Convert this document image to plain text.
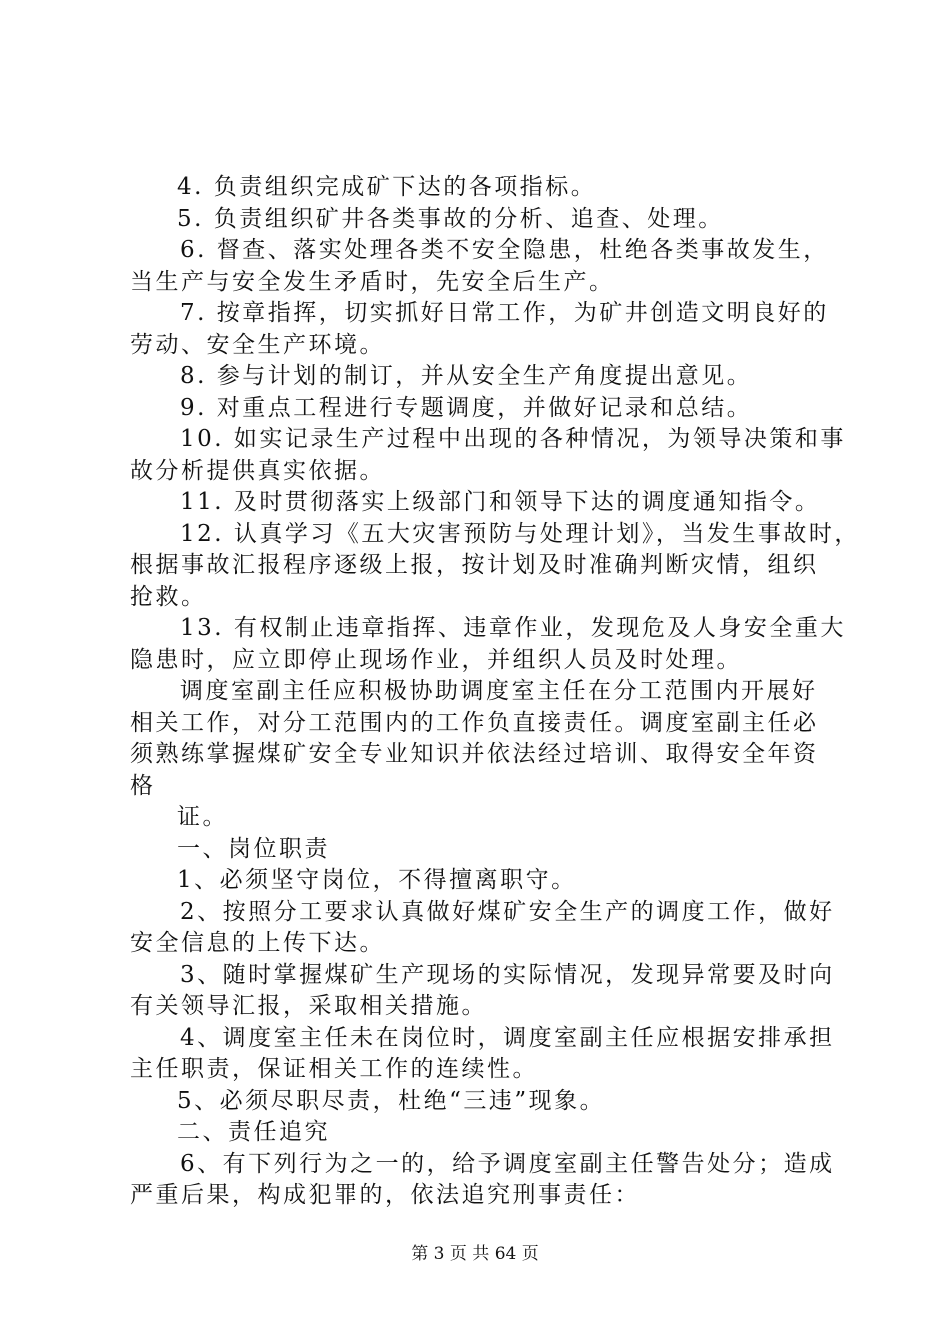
4. 负责组织完成矿下达的各项指标。
5. 负责组织矿井各类事故的分析、追查、处理。
6. 督查、落实处理各类不安全隐患，杜绝各类事故发生，
当生产与安全发生矛盾时，先安全后生产。
7. 按章指挥，切实抓好日常工作，为矿井创造文明良好的
劳动、安全生产环境。
8. 参与计划的制订，并从安全生产角度提出意见。
9. 对重点工程进行专题调度，并做好记录和总结。
10. 如实记录生产过程中出现的各种情况，为领导决策和事
故分析提供真实依据。
11. 及时贯彻落实上级部门和领导下达的调度通知指令。
12. 认真学习《五大灾害预防与处理计划》，当发生事故时，
根据事故汇报程序逐级上报，按计划及时准确判断灾情，组织
抢救。
13. 有权制止违章指挥、违章作业，发现危及人身安全重大
隐患时，应立即停止现场作业，并组织人员及时处理。
调度室副主任应积极协助调度室主任在分工范围内开展好
相关工作，对分工范围内的工作负直接责任。调度室副主任必
须熟练掌握煤矿安全专业知识并依法经过培训、取得安全年资
格
证。
一、岗位职责
1、必须坚守岗位，不得擅离职守。
2、按照分工要求认真做好煤矿安全生产的调度工作，做好
安全信息的上传下达。
3、随时掌握煤矿生产现场的实际情况，发现异常要及时向
有关领导汇报，采取相关措施。
4、调度室主任未在岗位时，调度室副主任应根据安排承担
主任职责，保证相关工作的连续性。
5、必须尽职尽责，杜绝“三违”现象。
二、责任追究
6、有下列行为之一的，给予调度室副主任警告处分；造成
严重后果，构成犯罪的，依法追究刑事责任：
第 3 页 共 64 页
